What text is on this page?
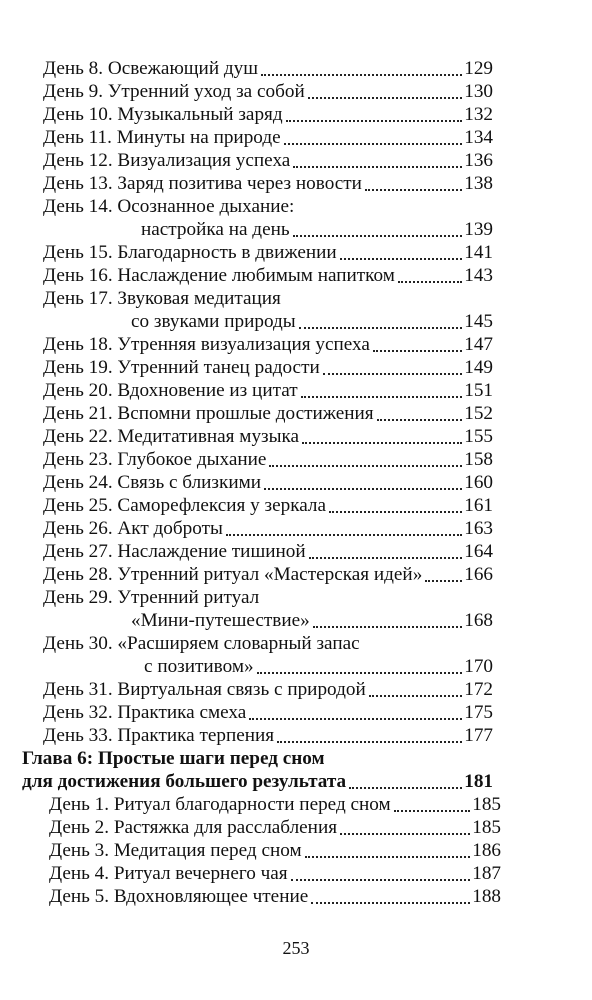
День 8. Освежающий душ	129
День 9. Утренний уход за собой	130
День 10. Музыкальный заряд	132
День 11. Минуты на природе	134
День 12. Визуализация успеха	136
День 13. Заряд позитива через новости	138
День 14. Осознанное дыхание:
настройка на день	139
День 15. Благодарность в движении	141
День 16. Наслаждение любимым напитком	143
День 17. Звуковая медитация
со звуками природы	145
День 18. Утренняя визуализация успеха	147
День 19. Утренний танец радости	149
День 20. Вдохновение из цитат	151
День 21. Вспомни прошлые достижения	152
День 22. Медитативная музыка	155
День 23. Глубокое дыхание	158
День 24. Связь с близкими	160
День 25. Саморефлексия у зеркала	161
День 26. Акт доброты	163
День 27. Наслаждение тишиной	164
День 28. Утренний ритуал «Мастерская идей» 166
День 29. Утренний ритуал
«Мини-путешествие»	168
День 30. «Расширяем словарный запас
с позитивом»	170
День 31. Виртуальная связь с природой	172
День 32. Практика смеха	175
День 33. Практика терпения	177
Глава 6: Простые шаги перед сном
для достижения большего результата	181
День 1. Ритуал благодарности перед сном	185
День 2. Растяжка для расслабления	185
День 3. Медитация перед сном	186
День 4. Ритуал вечернего чая	187
День 5. Вдохновляющее чтение	188
253
